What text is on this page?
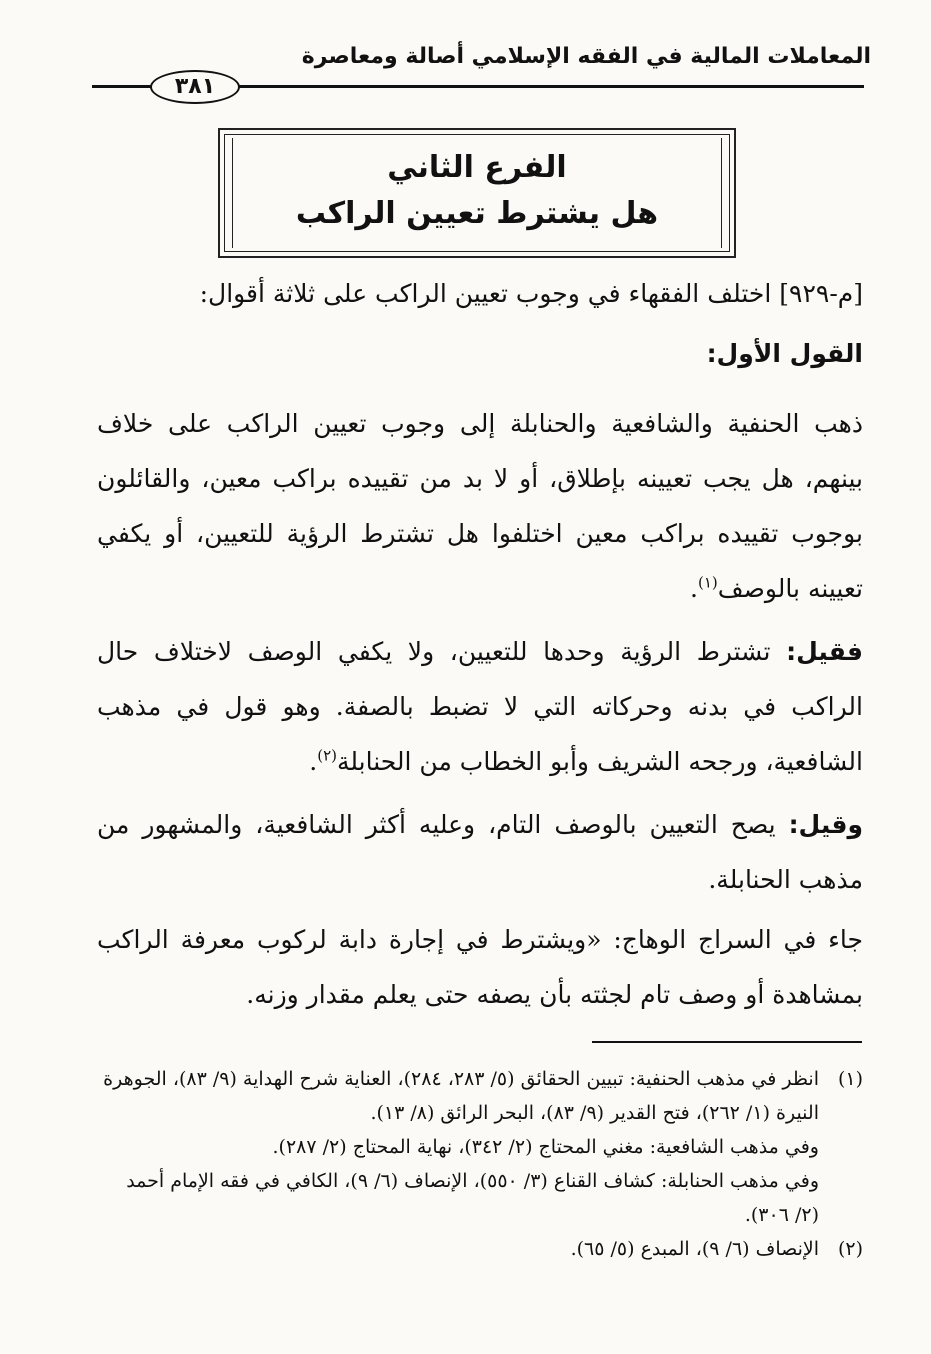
المعاملات المالية في الفقه الإسلامي أصالة ومعاصرة
٣٨١
الفرع الثاني
هل يشترط تعيين الراكب
[م-٩٢٩] اختلف الفقهاء في وجوب تعيين الراكب على ثلاثة أقوال:
القول الأول:
ذهب الحنفية والشافعية والحنابلة إلى وجوب تعيين الراكب على خلاف بينهم، هل يجب تعيينه بإطلاق، أو لا بد من تقييده براكب معين، والقائلون بوجوب تقييده براكب معين اختلفوا هل تشترط الرؤية للتعيين، أو يكفي تعيينه بالوصف$^{(١)}$.
فقيل: تشترط الرؤية وحدها للتعيين، ولا يكفي الوصف لاختلاف حال الراكب في بدنه وحركاته التي لا تضبط بالصفة. وهو قول في مذهب الشافعية، ورجحه الشريف وأبو الخطاب من الحنابلة$^{(٢)}$.
وقيل: يصح التعيين بالوصف التام، وعليه أكثر الشافعية، والمشهور من مذهب الحنابلة.
جاء في السراج الوهاج: «ويشترط في إجارة دابة لركوب معرفة الراكب بمشاهدة أو وصف تام لجثته بأن يصفه حتى يعلم مقدار وزنه.
(١)
انظر في مذهب الحنفية: تبيين الحقائق (٥/ ٢٨٣، ٢٨٤)، العناية شرح الهداية (٩/ ٨٣)، الجوهرة النيرة (١/ ٢٦٢)، فتح القدير (٩/ ٨٣)، البحر الرائق (٨/ ١٣).
وفي مذهب الشافعية: مغني المحتاج (٢/ ٣٤٢)، نهاية المحتاج (٢/ ٢٨٧).
وفي مذهب الحنابلة: كشاف القناع (٣/ ٥٥٠)، الإنصاف (٦/ ٩)، الكافي في فقه الإمام أحمد (٢/ ٣٠٦).
(٢)
الإنصاف (٦/ ٩)، المبدع (٥/ ٦٥).
